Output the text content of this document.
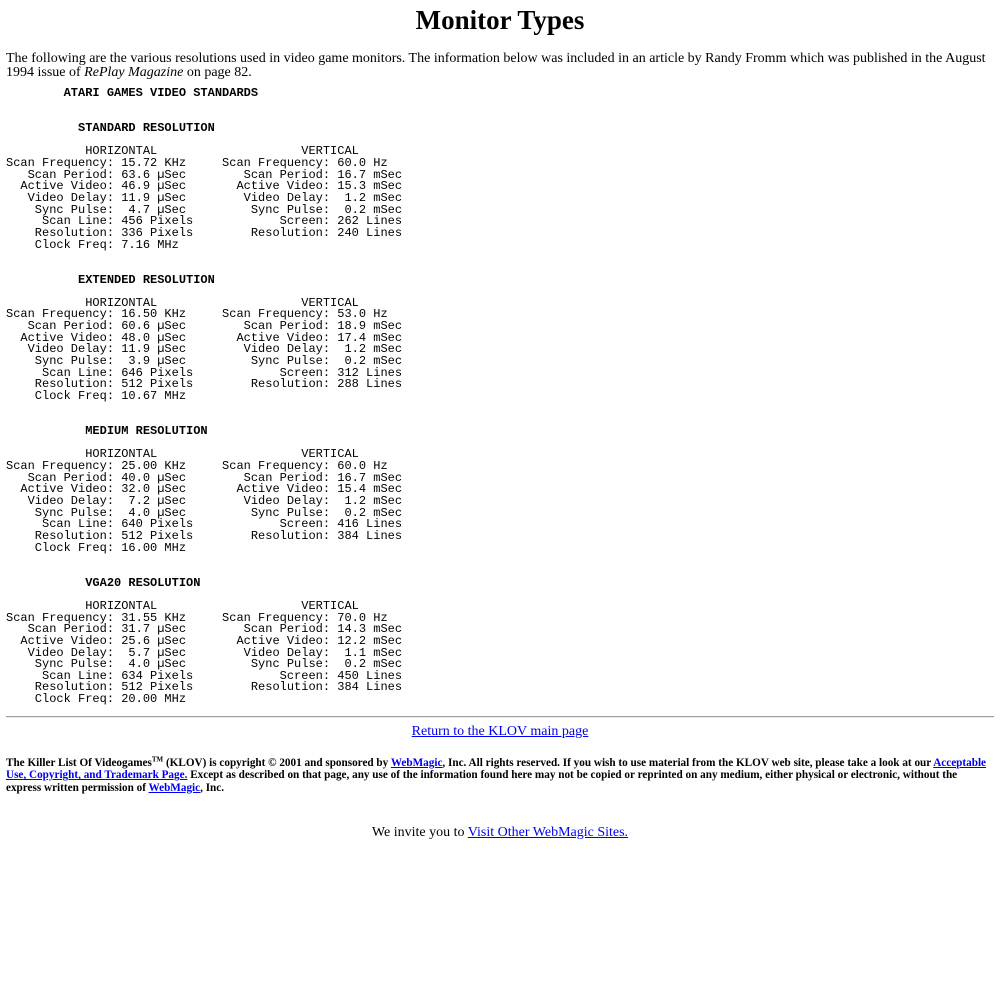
Monitor Types

The following are the various resolutions used in video game monitors. The information below was included in an article by Randy Fromm which was published in the August 1994 issue of RePlay Magazine on page 82.

ATARI GAMES VIDEO STANDARDS

STANDARD RESOLUTION

HORIZONTAL                    VERTICAL
Scan Frequency: 15.72 KHz     Scan Frequency: 60.0 Hz
Scan Period: 63.6 µSec        Scan Period: 16.7 mSec
Active Video: 46.9 µSec       Active Video: 15.3 mSec
Video Delay: 11.9 µSec        Video Delay:  1.2 mSec
Sync Pulse:  4.7 µSec         Sync Pulse:  0.2 mSec
Scan Line: 456 Pixels            Screen: 262 Lines
Resolution: 336 Pixels        Resolution: 240 Lines
Clock Freq: 7.16 MHz

EXTENDED RESOLUTION

HORIZONTAL                    VERTICAL
Scan Frequency: 16.50 KHz     Scan Frequency: 53.0 Hz
Scan Period: 60.6 µSec        Scan Period: 18.9 mSec
Active Video: 48.0 µSec       Active Video: 17.4 mSec
Video Delay: 11.9 µSec        Video Delay:  1.2 mSec
Sync Pulse:  3.9 µSec         Sync Pulse:  0.2 mSec
Scan Line: 646 Pixels            Screen: 312 Lines
Resolution: 512 Pixels        Resolution: 288 Lines
Clock Freq: 10.67 MHz

MEDIUM RESOLUTION

HORIZONTAL                    VERTICAL
Scan Frequency: 25.00 KHz     Scan Frequency: 60.0 Hz
Scan Period: 40.0 µSec        Scan Period: 16.7 mSec
Active Video: 32.0 µSec       Active Video: 15.4 mSec
Video Delay:  7.2 µSec        Video Delay:  1.2 mSec
Sync Pulse:  4.0 µSec         Sync Pulse:  0.2 mSec
Scan Line: 640 Pixels            Screen: 416 Lines
Resolution: 512 Pixels        Resolution: 384 Lines
Clock Freq: 16.00 MHz

VGA20 RESOLUTION

HORIZONTAL                    VERTICAL
Scan Frequency: 31.55 KHz     Scan Frequency: 70.0 Hz
Scan Period: 31.7 µSec        Scan Period: 14.3 mSec
Active Video: 25.6 µSec       Active Video: 12.2 mSec
Video Delay:  5.7 µSec        Video Delay:  1.1 mSec
Sync Pulse:  4.0 µSec         Sync Pulse:  0.2 mSec
Scan Line: 634 Pixels            Screen: 450 Lines
Resolution: 512 Pixels        Resolution: 384 Lines
Clock Freq: 20.00 MHz

Return to the KLOV main page
The Killer List Of Videogames™ (KLOV) is copyright © 2001 and sponsored by WebMagic, Inc. All rights reserved. If you wish to use material from the KLOV web site, please take a look at our Acceptable Use, Copyright, and Trademark Page. Except as described on that page, any use of the information found here may not be copied or reprinted on any medium, either physical or electronic, without the express written permission of WebMagic, Inc.
We invite you to Visit Other WebMagic Sites.
